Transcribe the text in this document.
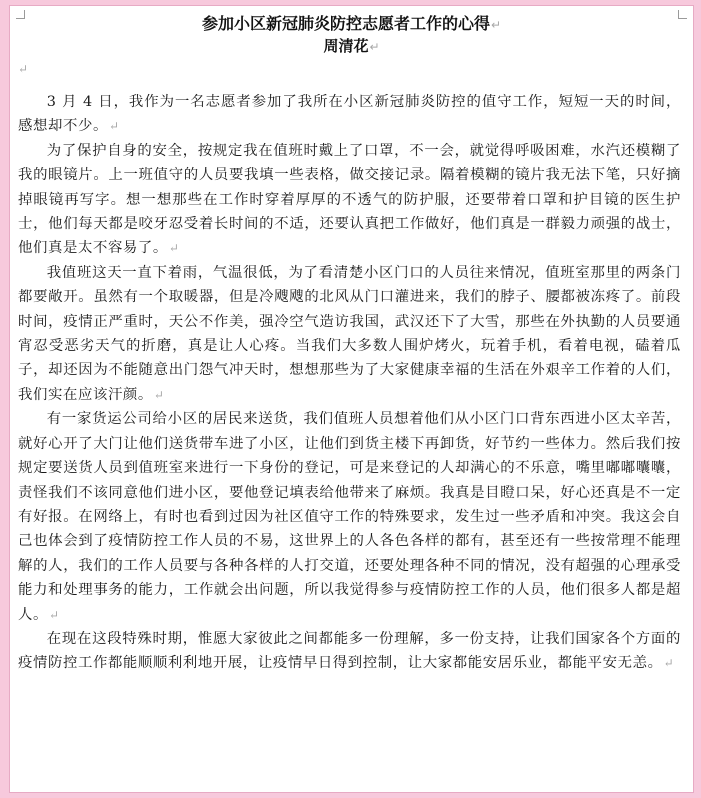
参加小区新冠肺炎防控志愿者工作的心得↵
周清花↵
↵

3 月 4 日，我作为一名志愿者参加了我所在小区新冠肺炎防控的值守工作，短短一天的时间，感想却不少。↵

为了保护自身的安全，按规定我在值班时戴上了口罩，不一会，就觉得呼吸困难，水汽还模糊了我的眼镜片。上一班值守的人员要我填一些表格，做交接记录。隔着模糊的镜片我无法下笔，只好摘掉眼镜再写字。想一想那些在工作时穿着厚厚的不透气的防护服，还要带着口罩和护目镜的医生护士，他们每天都是咬牙忍受着长时间的不适，还要认真把工作做好，他们真是一群毅力顽强的战士，他们真是太不容易了。↵

我值班这天一直下着雨，气温很低，为了看清楚小区门口的人员往来情况，值班室那里的两条门都要敞开。虽然有一个取暖器，但是冷飕飕的北风从门口灌进来，我们的脖子、腰都被冻疼了。前段时间，疫情正严重时，天公不作美，强冷空气造访我国，武汉还下了大雪，那些在外执勤的人员要通宵忍受恶劣天气的折磨，真是让人心疼。当我们大多数人围炉烤火，玩着手机，看着电视，磕着瓜子，却还因为不能随意出门怨气冲天时，想想那些为了大家健康幸福的生活在外艰辛工作着的人们，我们实在应该汗颜。↵

有一家货运公司给小区的居民来送货，我们值班人员想着他们从小区门口背东西进小区太辛苦，就好心开了大门让他们送货带车进了小区，让他们到货主楼下再卸货，好节约一些体力。然后我们按规定要送货人员到值班室来进行一下身份的登记，可是来登记的人却满心的不乐意，嘴里嘟嘟囔囔，责怪我们不该同意他们进小区，要他登记填表给他带来了麻烦。我真是目瞪口呆，好心还真是不一定有好报。在网络上，有时也看到过因为社区值守工作的特殊要求，发生过一些矛盾和冲突。我这会自己也体会到了疫情防控工作人员的不易，这世界上的人各色各样的都有，甚至还有一些按常理不能理解的人，我们的工作人员要与各种各样的人打交道，还要处理各种不同的情况，没有超强的心理承受能力和处理事务的能力，工作就会出问题，所以我觉得参与疫情防控工作的人员，他们很多人都是超人。↵

在现在这段特殊时期，惟愿大家彼此之间都能多一份理解，多一份支持，让我们国家各个方面的疫情防控工作都能顺顺利利地开展，让疫情早日得到控制，让大家都能安居乐业，都能平安无恙。↵
